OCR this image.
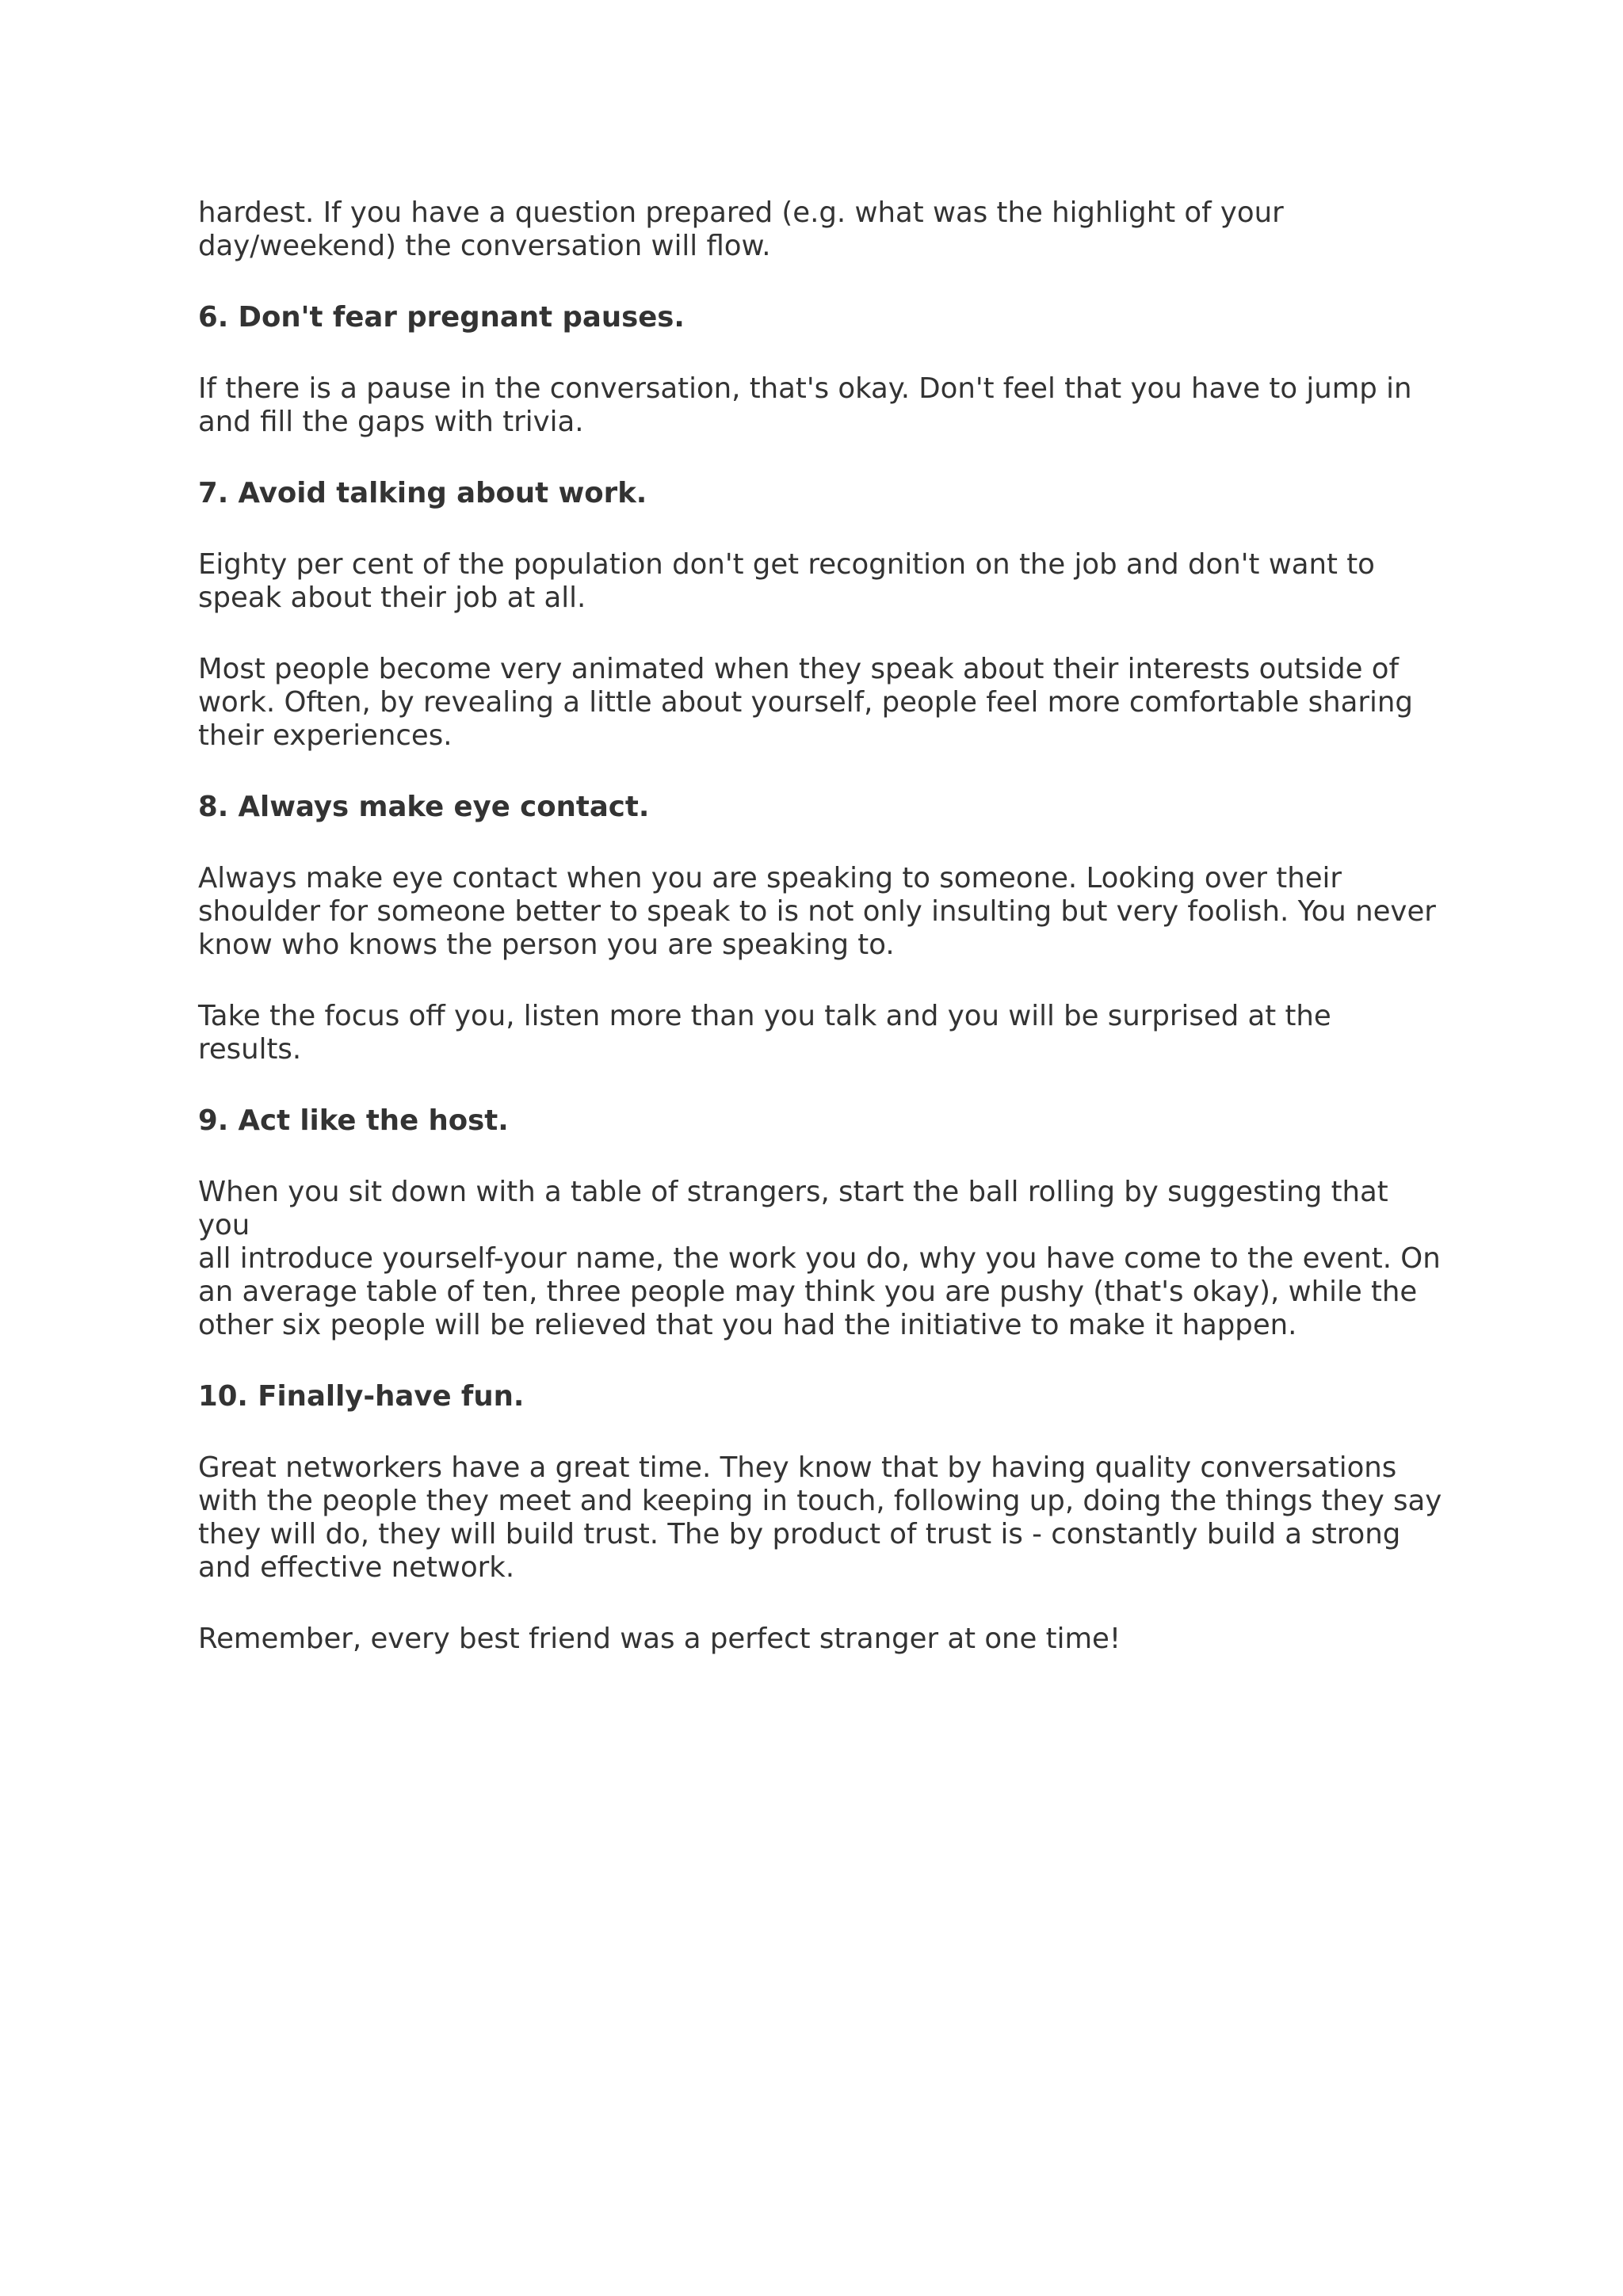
hardest. If you have a question prepared (e.g. what was the highlight of your
day/weekend) the conversation will flow.

6. Don't fear pregnant pauses.

If there is a pause in the conversation, that's okay. Don't feel that you have to jump in
and fill the gaps with trivia.

7. Avoid talking about work.

Eighty per cent of the population don't get recognition on the job and don't want to
speak about their job at all.

Most people become very animated when they speak about their interests outside of
work. Often, by revealing a little about yourself, people feel more comfortable sharing
their experiences.

8. Always make eye contact.

Always make eye contact when you are speaking to someone. Looking over their
shoulder for someone better to speak to is not only insulting but very foolish. You never
know who knows the person you are speaking to.

Take the focus off you, listen more than you talk and you will be surprised at the results.

9. Act like the host.

When you sit down with a table of strangers, start the ball rolling by suggesting that you
all introduce yourself-your name, the work you do, why you have come to the event. On
an average table of ten, three people may think you are pushy (that's okay), while the
other six people will be relieved that you had the initiative to make it happen.

10. Finally-have fun.

Great networkers have a great time. They know that by having quality conversations
with the people they meet and keeping in touch, following up, doing the things they say
they will do, they will build trust. The by product of trust is - constantly build a strong
and effective network.

Remember, every best friend was a perfect stranger at one time!
